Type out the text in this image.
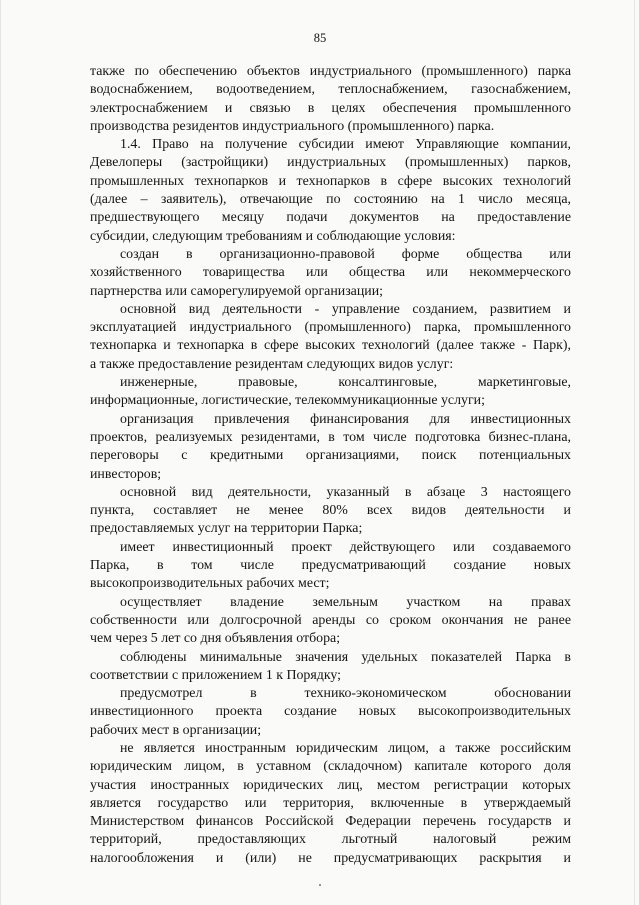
85

также по обеспечению объектов индустриального (промышленного) парка

водоснабжением, водоотведением, теплоснабжением, газоснабжением,

электроснабжением и связью в целях обеспечения промышленного

производства резидентов индустриального (промышленного) парка.

1.4. Право на получение субсидии имеют Управляющие компании,

Девелоперы (застройщики) индустриальных (промышленных) парков,

промышленных технопарков и технопарков в сфере высоких технологий

(далее – заявитель), отвечающие по состоянию на 1 число месяца,

предшествующего месяцу подачи документов на предоставление

субсидии, следующим требованиям и соблюдающие условия:

создан в организационно-правовой форме общества или

хозяйственного товарищества или общества или некоммерческого

партнерства или саморегулируемой организации;

основной вид деятельности - управление созданием, развитием и

эксплуатацией индустриального (промышленного) парка, промышленного

технопарка и технопарка в сфере высоких технологий (далее также - Парк),

а также предоставление резидентам следующих видов услуг:

инженерные, правовые, консалтинговые, маркетинговые,

информационные, логистические, телекоммуникационные услуги;

организация привлечения финансирования для инвестиционных

проектов, реализуемых резидентами, в том числе подготовка бизнес-плана,

переговоры с кредитными организациями, поиск потенциальных

инвесторов;

основной вид деятельности, указанный в абзаце 3 настоящего

пункта, составляет не менее 80% всех видов деятельности и

предоставляемых услуг на территории Парка;

имеет инвестиционный проект действующего или создаваемого

Парка, в том числе предусматривающий создание новых

высокопроизводительных рабочих мест;

осуществляет владение земельным участком на правах

собственности или долгосрочной аренды со сроком окончания не ранее

чем через 5 лет со дня объявления отбора;

соблюдены минимальные значения удельных показателей Парка в

соответствии с приложением 1 к Порядку;

предусмотрел в технико-экономическом обосновании

инвестиционного проекта создание новых высокопроизводительных

рабочих мест в организации;

не является иностранным юридическим лицом, а также российским

юридическим лицом, в уставном (складочном) капитале которого доля

участия иностранных юридических лиц, местом регистрации которых

является государство или территория, включенные в утверждаемый

Министерством финансов Российской Федерации перечень государств и

территорий, предоставляющих льготный налоговый режим

налогообложения и (или) не предусматривающих раскрытия и
